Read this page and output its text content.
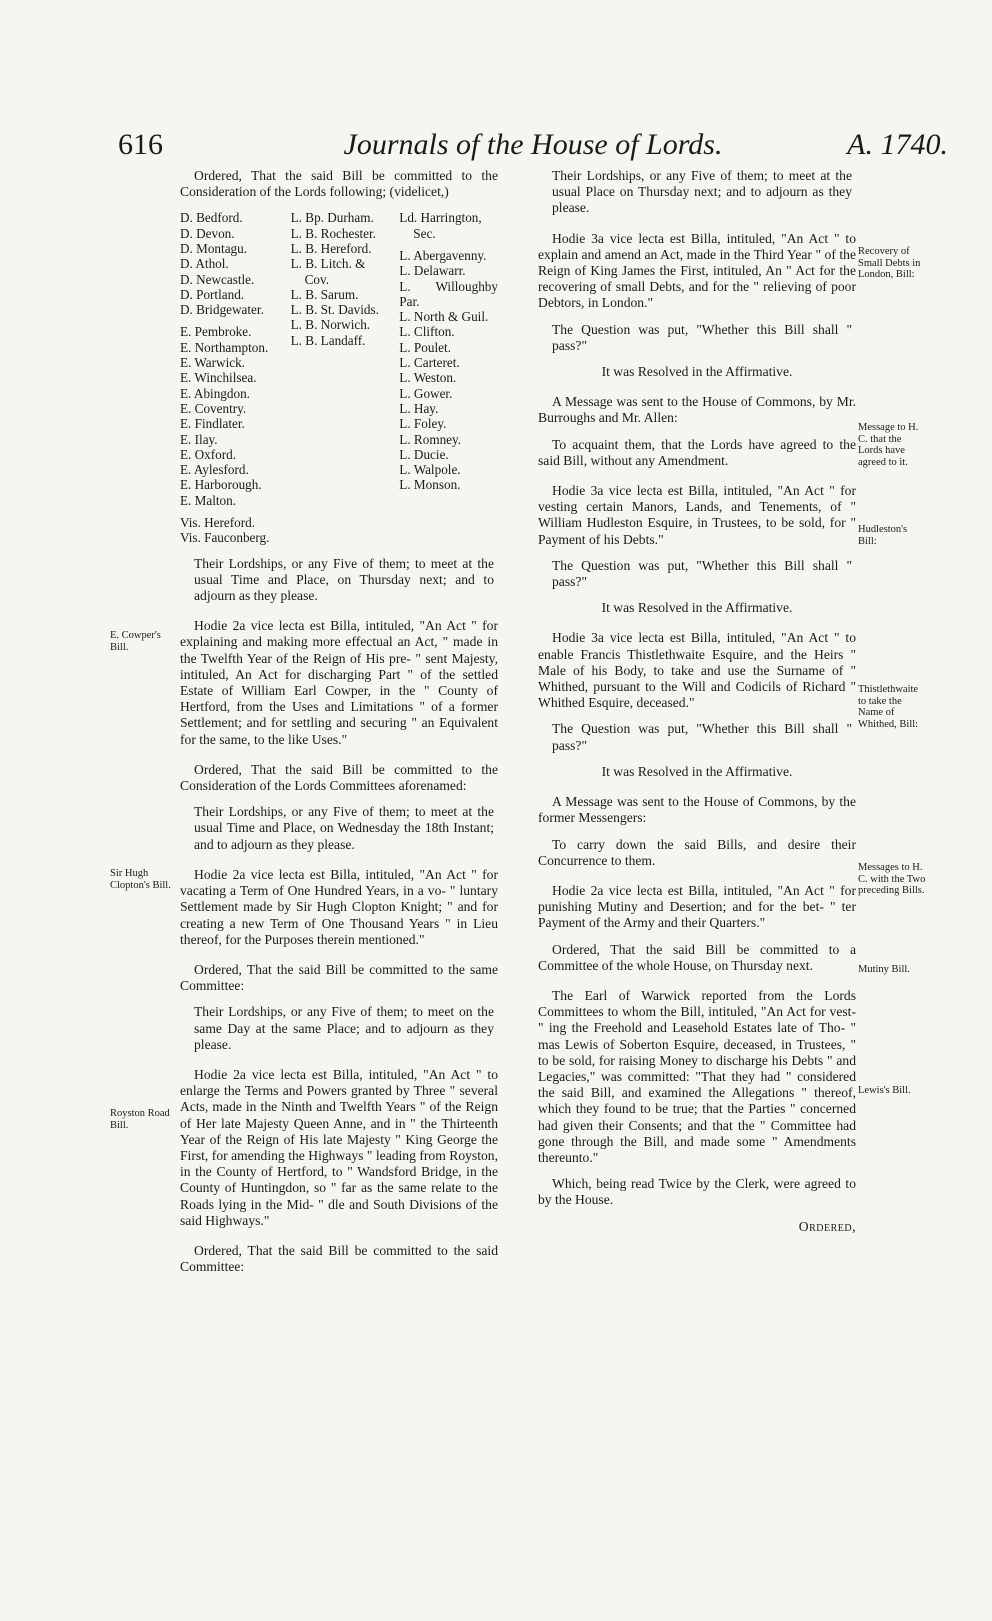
616	Journals of the House of Lords.	A. 1740.

Ordered, That the said Bill be committed to the Consideration of the Lords following; (videlicet,)

D. Bedford.
D. Devon.
D. Montagu.
D. Athol.
D. Newcastle.
D. Portland.
D. Bridgewater.
E. Pembroke.
E. Northampton.
E. Warwick.
E. Winchilsea.
E. Abingdon.
E. Coventry.
E. Findlater.
E. Ilay.
E. Oxford.
E. Aylesford.
E. Harborough.
E. Malton.
Vis. Hereford.
Vis. Fauconberg.
L. Bp. Durham.
L. B. Rochester.
L. B. Hereford.
L. B. Litch. &
Cov.
L. B. Sarum.
L. B. St. Davids.
L. B. Norwich.
L. B. Landaff.
Ld. Harrington,
Sec.
L. Abergavenny.
L. Delawarr.
L. Willoughby Par.
L. North & Guil.
L. Clifton.
L. Poulet.
L. Carteret.
L. Weston.
L. Gower.
L. Hay.
L. Foley.
L. Romney.
L. Ducie.
L. Walpole.
L. Monson.

Their Lordships, or any Five of them; to meet at the usual Time and Place, on Thursday next; and to adjourn as they please.

Hodie 2a vice lecta est Billa, intituled, "An Act " for explaining and making more effectual an Act, " made in the Twelfth Year of the Reign of His pre- " sent Majesty, intituled, An Act for discharging Part " of the settled Estate of William Earl Cowper, in the " County of Hertford, from the Uses and Limitations " of a former Settlement; and for settling and securing " an Equivalent for the same, to the like Uses."

Ordered, That the said Bill be committed to the Consideration of the Lords Committees aforenamed:

Their Lordships, or any Five of them; to meet at the usual Time and Place, on Wednesday the 18th Instant; and to adjourn as they please.

Hodie 2a vice lecta est Billa, intituled, "An Act " for vacating a Term of One Hundred Years, in a vo- " luntary Settlement made by Sir Hugh Clopton Knight; " and for creating a new Term of One Thousand Years " in Lieu thereof, for the Purposes therein mentioned."

Ordered, That the said Bill be committed to the same Committee:

Their Lordships, or any Five of them; to meet on the same Day at the same Place; and to adjourn as they please.

Hodie 2a vice lecta est Billa, intituled, "An Act " to enlarge the Terms and Powers granted by Three " several Acts, made in the Ninth and Twelfth Years " of the Reign of Her late Majesty Queen Anne, and in " the Thirteenth Year of the Reign of His late Majesty " King George the First, for amending the Highways " leading from Royston, in the County of Hertford, to " Wandsford Bridge, in the County of Huntingdon, so " far as the same relate to the Roads lying in the Mid- " dle and South Divisions of the said Highways."

Ordered, That the said Bill be committed to the said Committee:

E. Cowper's Bill.
Sir Hugh Clopton's Bill.
Royston Road Bill.

Their Lordships, or any Five of them; to meet at the usual Place on Thursday next; and to adjourn as they please.

Hodie 3a vice lecta est Billa, intituled, "An Act " to explain and amend an Act, made in the Third Year " of the Reign of King James the First, intituled, An " Act for the recovering of small Debts, and for the " relieving of poor Debtors, in London."

The Question was put, "Whether this Bill shall " pass?"

It was Resolved in the Affirmative.

A Message was sent to the House of Commons, by Mr. Burroughs and Mr. Allen:

To acquaint them, that the Lords have agreed to the said Bill, without any Amendment.

Hodie 3a vice lecta est Billa, intituled, "An Act " for vesting certain Manors, Lands, and Tenements, of " William Hudleston Esquire, in Trustees, to be sold, for " Payment of his Debts."

The Question was put, "Whether this Bill shall " pass?"

It was Resolved in the Affirmative.

Hodie 3a vice lecta est Billa, intituled, "An Act " to enable Francis Thistlethwaite Esquire, and the Heirs " Male of his Body, to take and use the Surname of " Whithed, pursuant to the Will and Codicils of Richard " Whithed Esquire, deceased."

The Question was put, "Whether this Bill shall " pass?"

It was Resolved in the Affirmative.

A Message was sent to the House of Commons, by the former Messengers:

To carry down the said Bills, and desire their Concurrence to them.

Hodie 2a vice lecta est Billa, intituled, "An Act " for punishing Mutiny and Desertion; and for the bet- " ter Payment of the Army and their Quarters."

Ordered, That the said Bill be committed to a Committee of the whole House, on Thursday next.

The Earl of Warwick reported from the Lords Committees to whom the Bill, intituled, "An Act for vest- " ing the Freehold and Leasehold Estates late of Tho- " mas Lewis of Soberton Esquire, deceased, in Trustees, " to be sold, for raising Money to discharge his Debts " and Legacies," was committed: "That they had " considered the said Bill, and examined the Allegations " thereof, which they found to be true; that the Parties " concerned had given their Consents; and that the " Committee had gone through the Bill, and made some " Amendments thereunto."

Which, being read Twice by the Clerk, were agreed to by the House.

Ordered,

Recovery of Small Debts in London, Bill:
Message to H. C. that the Lords have agreed to it.
Hudleston's Bill:
Thistlethwaite to take the Name of Whithed, Bill:
Messages to H. C. with the Two preceding Bills.
Mutiny Bill.
Lewis's Bill.
